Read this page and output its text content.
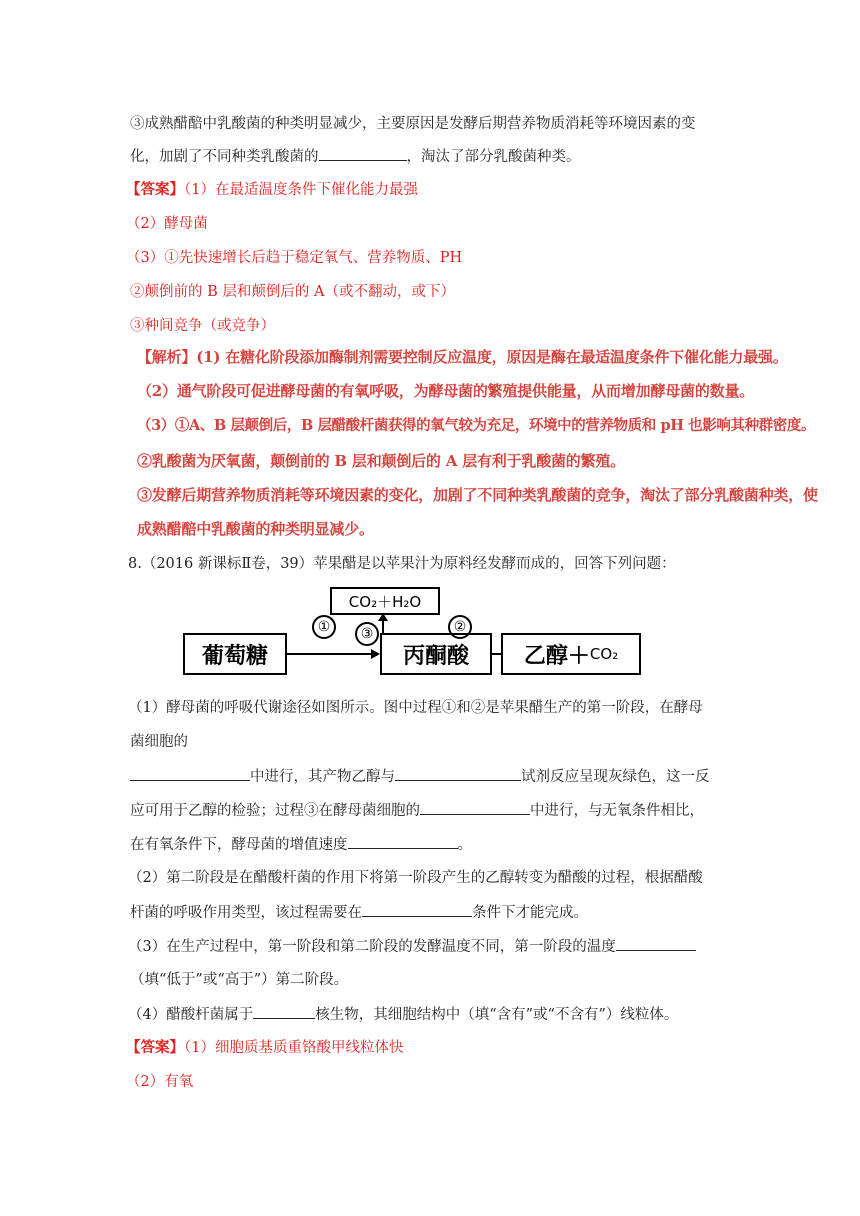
③成熟醋醅中乳酸菌的种类明显减少，主要原因是发酵后期营养物质消耗等环境因素的变
化，加剧了不同种类乳酸菌的	，淘汰了部分乳酸菌种类。
【答案】（1）在最适温度条件下催化能力最强
（2）酵母菌
（3）①先快速增长后趋于稳定氧气、营养物质、PH
②颠倒前的 B 层和颠倒后的 A（或不翻动，或下）
③种间竞争（或竞争）
【解析】(1) 在糖化阶段添加酶制剂需要控制反应温度，原因是酶在最适温度条件下催化能力最强。
（2）通气阶段可促进酵母菌的有氧呼吸，为酵母菌的繁殖提供能量，从而增加酵母菌的数量。
（3）①A、B 层颠倒后，B 层醋酸杆菌获得的氧气较为充足，环境中的营养物质和 pH 也影响其种群密度。
②乳酸菌为厌氧菌，颠倒前的 B 层和颠倒后的 A 层有利于乳酸菌的繁殖。
③发酵后期营养物质消耗等环境因素的变化，加剧了不同种类乳酸菌的竞争，淘汰了部分乳酸菌种类，使
成熟醋醅中乳酸菌的种类明显减少。
8.（2016 新课标Ⅱ卷，39）苹果醋是以苹果汁为原料经发酵而成的，回答下列问题：
葡萄糖
①
丙酮酸
CO₂＋H₂O
③	②
乙醇＋ CO₂
（1）酵母菌的呼吸代谢途径如图所示。图中过程①和②是苹果醋生产的第一阶段，在酵母
菌细胞的
中进行，其产物乙醇与	试剂反应呈现灰绿色，这一反
应可用于乙醇的检验；过程③在酵母菌细胞的	中进行，与无氧条件相比，
在有氧条件下，酵母菌的增值速度	。
（2）第二阶段是在醋酸杆菌的作用下将第一阶段产生的乙醇转变为醋酸的过程，根据醋酸
杆菌的呼吸作用类型，该过程需要在	条件下才能完成。
（3）在生产过程中，第一阶段和第二阶段的发酵温度不同，第一阶段的温度
（填“低于”或“高于”）第二阶段。
（4）醋酸杆菌属于	核生物，其细胞结构中（填“含有”或“不含有”）线粒体。
【答案】（1）细胞质基质重铬酸甲线粒体快
（2）有氧
